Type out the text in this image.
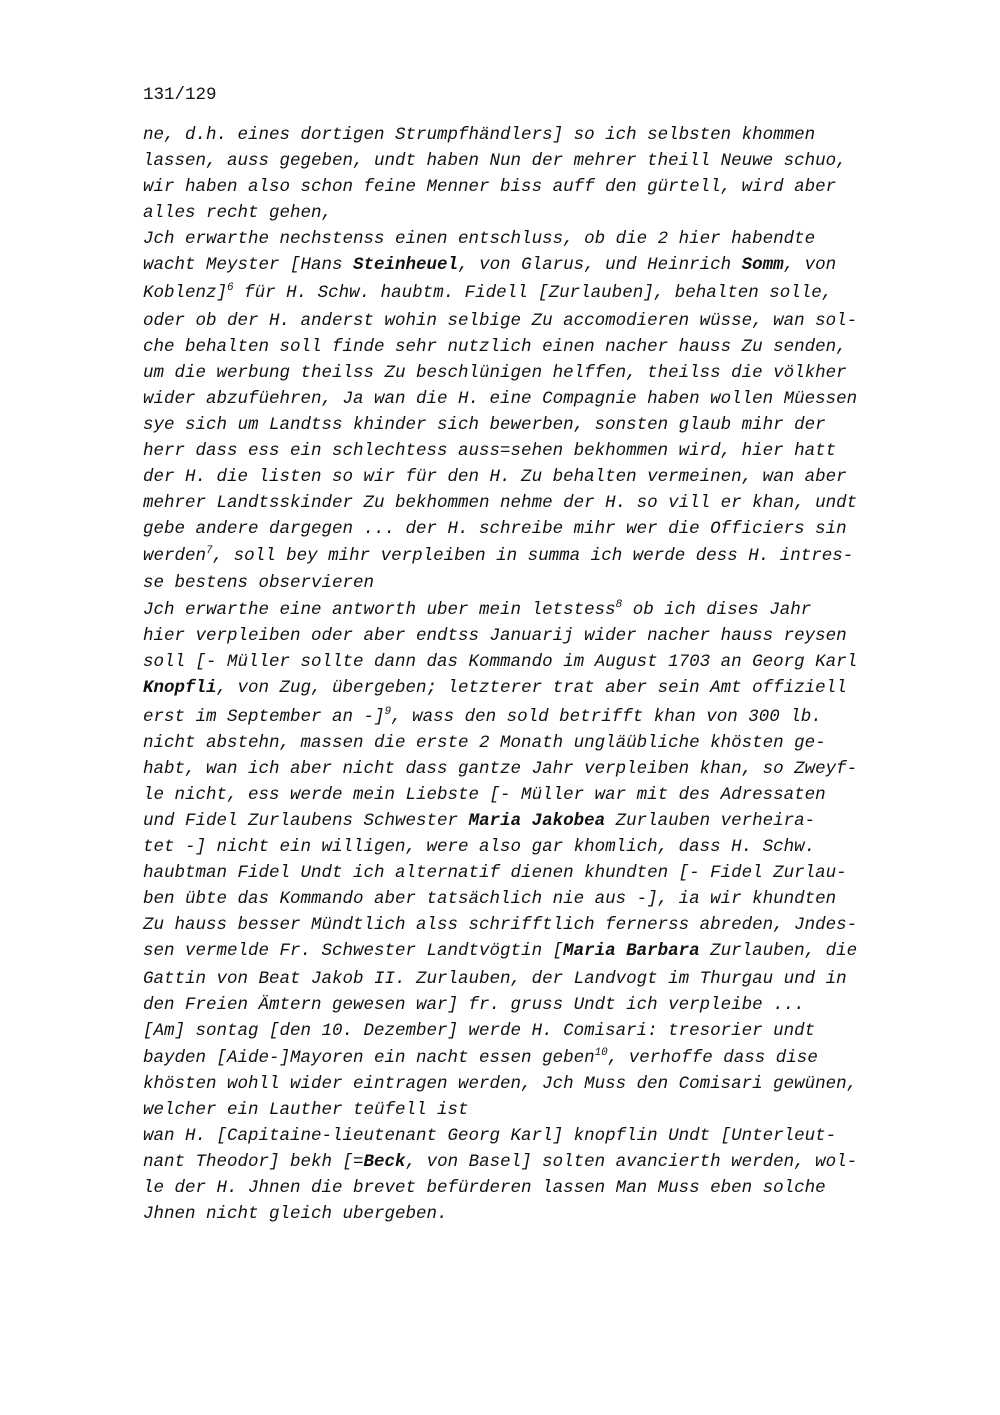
131/129
ne, d.h. eines dortigen Strumpfhändlers] so ich selbsten khommen
lassen, auss gegeben, undt haben Nun der mehrer theill Neuwe schuo,
wir haben also schon feine Menner biss auff den gürtell, wird aber
alles recht gehen,
Jch erwarthe nechstenss einen entschluss, ob die 2 hier habendte
wacht Meyster [Hans Steinheuel, von Glarus, und Heinrich Somm, von
Koblenz]$^6$ für H. Schw. haubtm. Fidell [Zurlauben], behalten solle,
oder ob der H. anderst wohin selbige Zu accomodieren wüsse, wan sol-
che behalten soll finde sehr nutzlich einen nacher hauss Zu senden,
um die werbung theilss Zu beschlünigen helffen, theilss die völkher
wider abzufüehren, Ja wan die H. eine Compagnie haben wollen Müessen
sye sich um Landtss khinder sich bewerben, sonsten glaub mihr der
herr dass ess ein schlechtess auss=sehen bekhommen wird, hier hatt
der H. die listen so wir für den H. Zu behalten vermeinen, wan aber
mehrer Landtsskinder Zu bekhommen nehme der H. so vill er khan, undt
gebe andere dargegen ... der H. schreibe mihr wer die Officiers sin
werden$^7$, soll bey mihr verpleiben in summa ich werde dess H. intres-
se bestens observieren
Jch erwarthe eine antworth uber mein letstess$^8$ ob ich dises Jahr
hier verpleiben oder aber endtss Januarij wider nacher hauss reysen
soll [- Müller sollte dann das Kommando im August 1703 an Georg Karl
Knopfli, von Zug, übergeben; letzterer trat aber sein Amt offiziell
erst im September an -]$^9$, wass den sold betrifft khan von 300 lb.
nicht abstehn, massen die erste 2 Monath ungläübliche khösten ge-
habt, wan ich aber nicht dass gantze Jahr verpleiben khan, so Zweyf-
le nicht, ess werde mein Liebste [- Müller war mit des Adressaten
und Fidel Zurlaubens Schwester Maria Jakobea Zurlauben verheira-
tet -] nicht ein willigen, were also gar khomlich, dass H. Schw.
haubtman Fidel Undt ich alternatif dienen khundten [- Fidel Zurlau-
ben übte das Kommando aber tatsächlich nie aus -], ia wir khundten
Zu hauss besser Mündtlich alss schrifftlich fernerss abreden, Jndes-
sen vermelde Fr. Schwester Landtvögtin [Maria Barbara Zurlauben, die
Gattin von Beat Jakob II. Zurlauben, der Landvogt im Thurgau und in
den Freien Ämtern gewesen war] fr. gruss Undt ich verpleibe ...
[Am] sontag [den 10. Dezember] werde H. Comisari: tresorier undt
bayden [Aide-]Mayoren ein nacht essen geben$^{10}$, verhoffe dass dise
khösten wohll wider eintragen werden, Jch Muss den Comisari gewünen,
welcher ein Lauther teüfell ist
wan H. [Capitaine-lieutenant Georg Karl] knopflin Undt [Unterleut-
nant Theodor] bekh [=Beck, von Basel] solten avancierth werden, wol-
le der H. Jhnen die brevet befürderen lassen Man Muss eben solche
Jhnen nicht gleich ubergeben.
